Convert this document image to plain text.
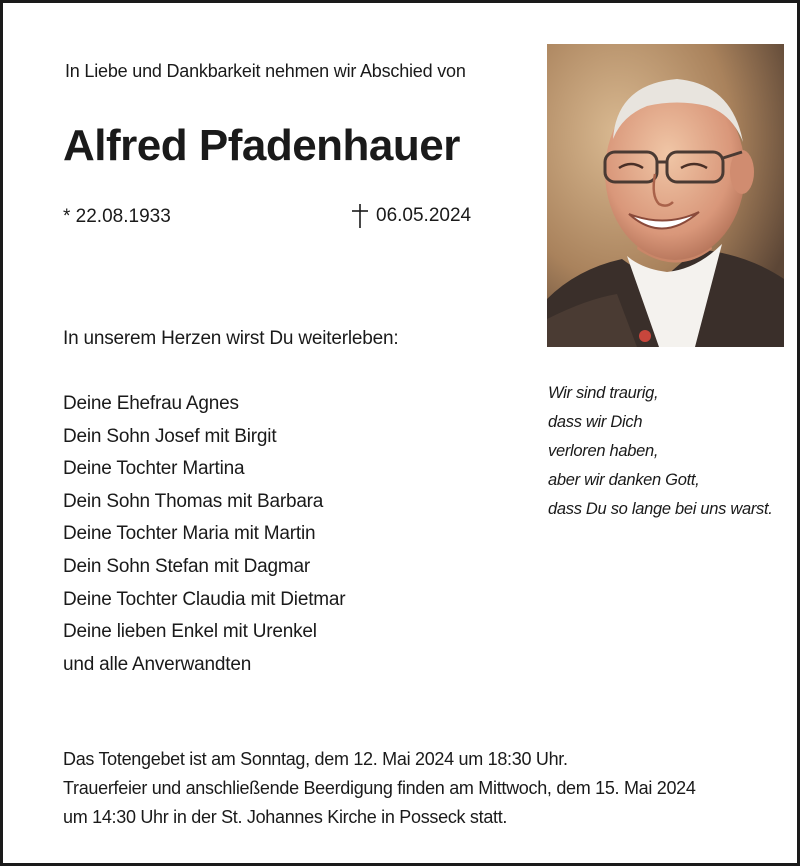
In Liebe und Dankbarkeit nehmen wir Abschied von
Alfred Pfadenhauer
* 22.08.1933	06.05.2024
In unserem Herzen wirst Du weiterleben:
Deine Ehefrau Agnes
Dein Sohn Josef mit Birgit
Deine Tochter Martina
Dein Sohn Thomas mit Barbara
Deine Tochter Maria mit Martin
Dein Sohn Stefan mit Dagmar
Deine Tochter Claudia mit Dietmar
Deine lieben Enkel mit Urenkel
und alle Anverwandten
Wir sind traurig,
dass wir Dich
verloren haben,
aber wir danken Gott,
dass Du so lange bei uns warst.
Das Totengebet ist am Sonntag, dem 12. Mai 2024 um 18:30 Uhr.
Trauerfeier und anschließende Beerdigung finden am Mittwoch, dem 15. Mai 2024
um 14:30 Uhr in der St. Johannes Kirche in Posseck statt.
